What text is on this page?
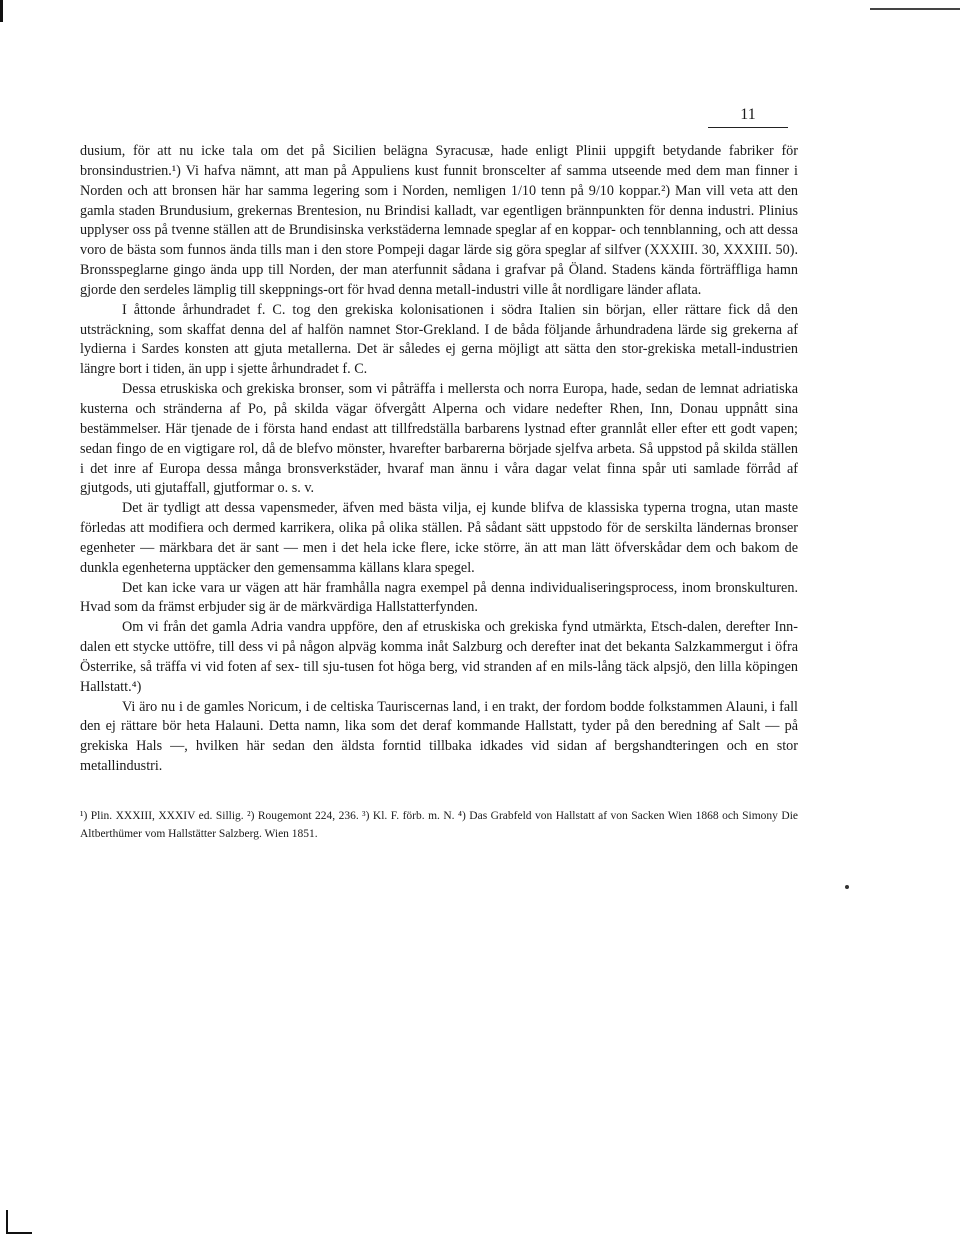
11

dusium, för att nu icke tala om det på Sicilien belägna Syracusæ, hade enligt Plinii uppgift betydande fabriker för bronsindustrien.¹) Vi hafva nämnt, att man på Appuliens kust funnit bronscelter af samma utseende med dem man finner i Norden och att bronsen här har samma legering som i Norden, nemligen 1/10 tenn på 9/10 koppar.²) Man vill veta att den gamla staden Brundusium, grekernas Brentesion, nu Brindisi kalladt, var egentligen brännpunkten för denna industri. Plinius upplyser oss på tvenne ställen att de Brundisinska verkstäderna lemnade speglar af en koppar- och tennblanning, och att dessa voro de bästa som funnos ända tills man i den store Pompeji dagar lärde sig göra speglar af silfver (XXXIII. 30, XXXIII. 50). Bronsspeglarne gingo ända upp till Norden, der man aterfunnit sådana i grafvar på Öland. Stadens kända förträffliga hamn gjorde den serdeles lämplig till skeppnings-ort för hvad denna metall-industri ville åt nordligare länder aflata.

I åttonde århundradet f. C. tog den grekiska kolonisationen i södra Italien sin början, eller rättare fick då den utsträckning, som skaffat denna del af halfön namnet Stor-Grekland. I de båda följande århundradena lärde sig grekerna af lydierna i Sardes konsten att gjuta metallerna. Det är således ej gerna möjligt att sätta den stor-grekiska metall-industrien längre bort i tiden, än upp i sjette århundradet f. C.

Dessa etruskiska och grekiska bronser, som vi påträffa i mellersta och norra Europa, hade, sedan de lemnat adriatiska kusterna och stränderna af Po, på skilda vägar öfvergått Alperna och vidare nedefter Rhen, Inn, Donau uppnått sina bestämmelser. Här tjenade de i första hand endast att tillfredställa barbarens lystnad efter grannlåt eller efter ett godt vapen; sedan fingo de en vigtigare rol, då de blefvo mönster, hvarefter barbarerna började sjelfva arbeta. Så uppstod på skilda ställen i det inre af Europa dessa många bronsverkstäder, hvaraf man ännu i våra dagar velat finna spår uti samlade förråd af gjutgods, uti gjutaffall, gjutformar o. s. v.

Det är tydligt att dessa vapensmeder, äfven med bästa vilja, ej kunde blifva de klassiska typerna trogna, utan maste förledas att modifiera och dermed karrikera, olika på olika ställen. På sådant sätt uppstodo för de serskilta ländernas bronser egenheter — märkbara det är sant — men i det hela icke flere, icke större, än att man lätt öfverskådar dem och bakom de dunkla egenheterna upptäcker den gemensamma källans klara spegel.

Det kan icke vara ur vägen att här framhålla nagra exempel på denna individualiseringsprocess, inom bronskulturen. Hvad som da främst erbjuder sig är de märkvärdiga Hallstatterfynden.

Om vi från det gamla Adria vandra uppföre, den af etruskiska och grekiska fynd utmärkta, Etsch-dalen, derefter Inn-dalen ett stycke uttöfre, till dess vi på någon alpväg komma inåt Salzburg och derefter inat det bekanta Salzkammergut i öfra Österrike, så träffa vi vid foten af sex- till sju-tusen fot höga berg, vid stranden af en mils-lång täck alpsjö, den lilla köpingen Hallstatt.⁴)

Vi äro nu i de gamles Noricum, i de celtiska Tauriscernas land, i en trakt, der fordom bodde folkstammen Alauni, i fall den ej rättare bör heta Halauni. Detta namn, lika som det deraf kommande Hallstatt, tyder på den beredning af Salt — på grekiska Hals —, hvilken här sedan den äldsta forntid tillbaka idkades vid sidan af bergshandteringen och en stor metallindustri.

¹) Plin. XXXIII, XXXIV ed. Sillig. ²) Rougemont 224, 236. ³) Kl. F. förb. m. N. ⁴) Das Grabfeld von Hallstatt af von Sacken Wien 1868 och Simony Die Altberthümer vom Hallstätter Salzberg. Wien 1851.
